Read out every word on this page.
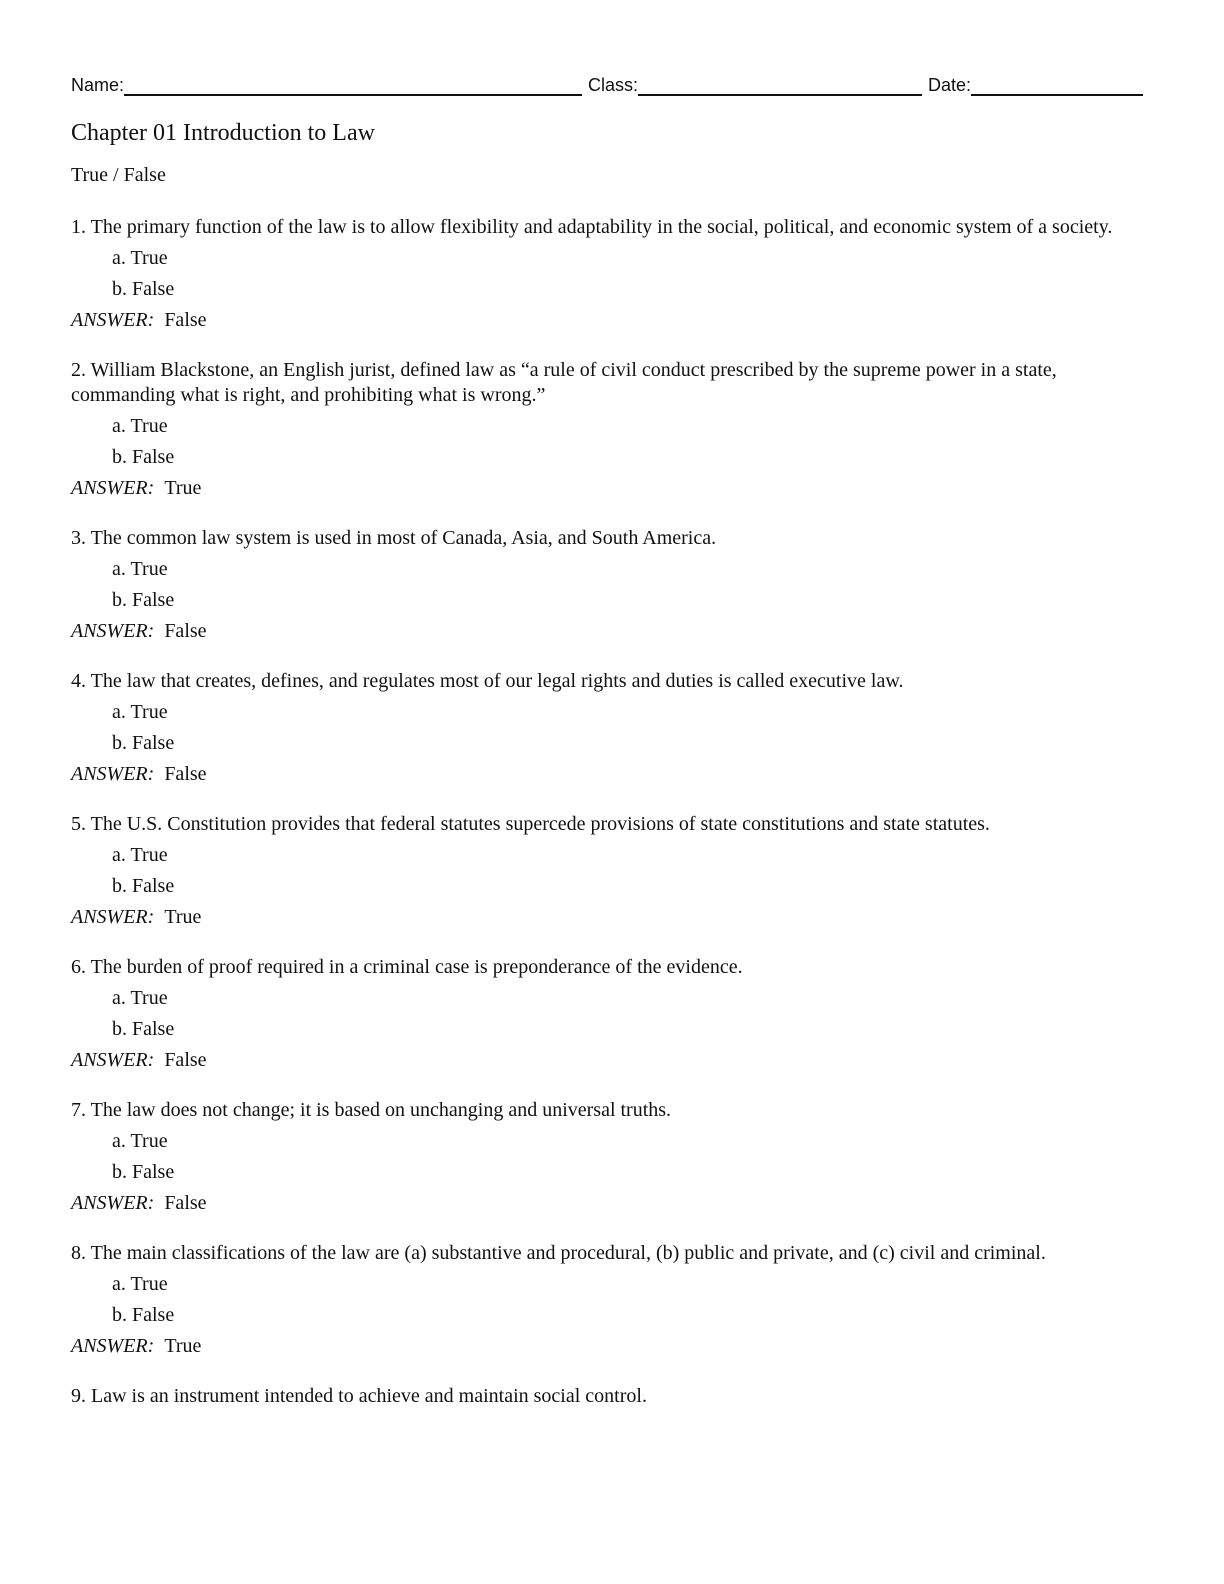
Name:	Class:	Date:
Chapter 01 Introduction to Law
True / False

1. The primary function of the law is to allow flexibility and adaptability in the social, political, and economic system of a society.

a. True
b. False
ANSWER: False

2. William Blackstone, an English jurist, defined law as “a rule of civil conduct prescribed by the supreme power in a state, commanding what is right, and prohibiting what is wrong.”

a. True
b. False
ANSWER: True

3. The common law system is used in most of Canada, Asia, and South America.

a. True
b. False
ANSWER: False

4. The law that creates, defines, and regulates most of our legal rights and duties is called executive law.

a. True
b. False
ANSWER: False

5. The U.S. Constitution provides that federal statutes supercede provisions of state constitutions and state statutes.

a. True
b. False
ANSWER: True

6. The burden of proof required in a criminal case is preponderance of the evidence.

a. True
b. False
ANSWER: False

7. The law does not change; it is based on unchanging and universal truths.

a. True
b. False
ANSWER: False

8. The main classifications of the law are (a) substantive and procedural, (b) public and private, and (c) civil and criminal.

a. True
b. False
ANSWER: True

9. Law is an instrument intended to achieve and maintain social control.
